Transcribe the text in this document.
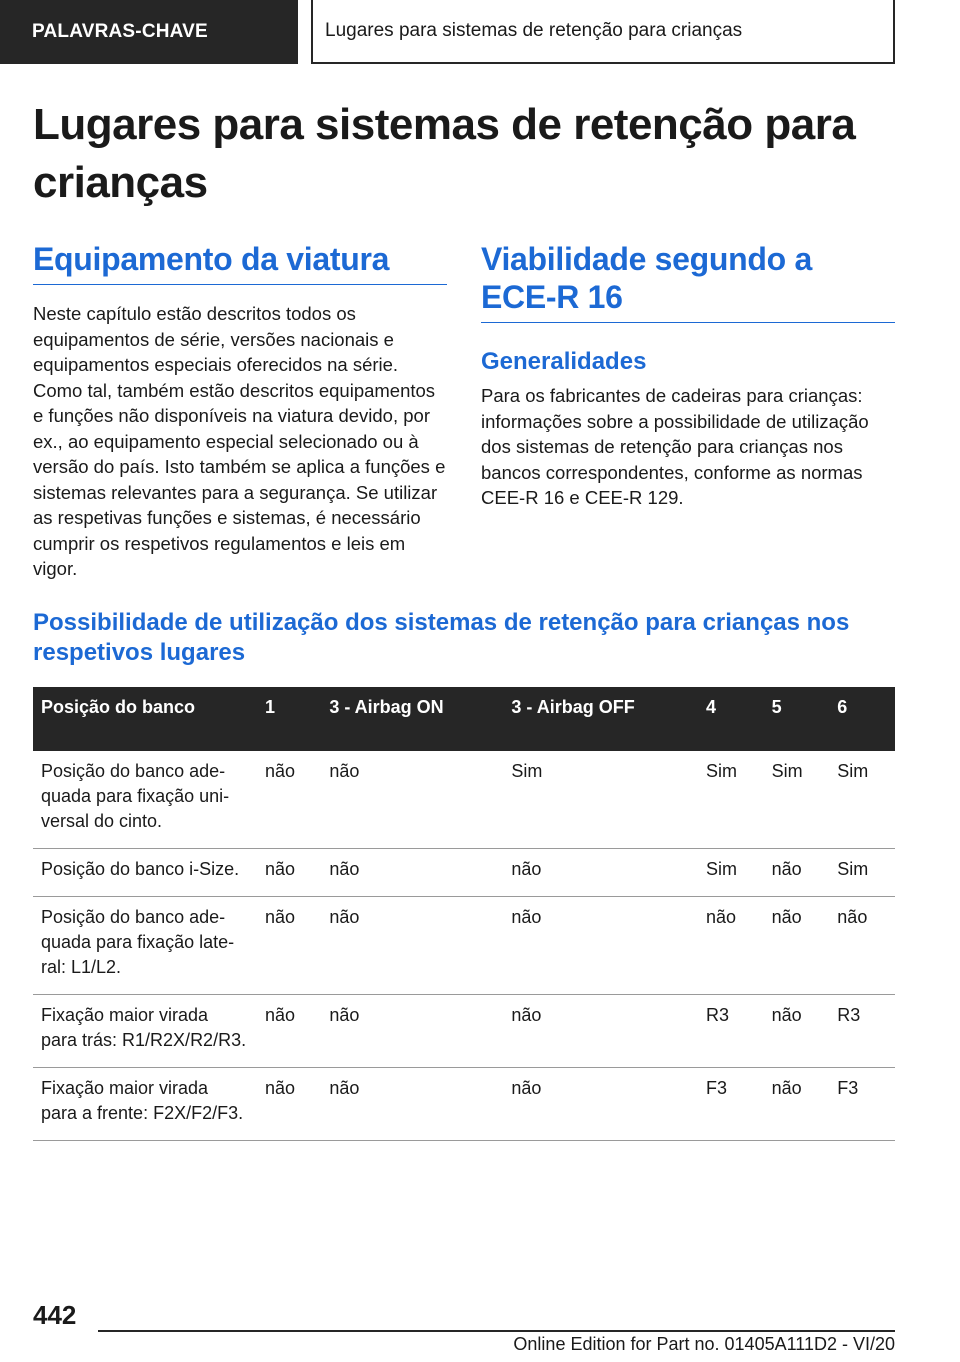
PALAVRAS-CHAVE	Lugares para sistemas de retenção para crianças
Lugares para sistemas de retenção para crianças
Equipamento da viatura

Neste capítulo estão descritos todos os equipamentos de série, versões nacionais e equipamentos especiais oferecidos na série. Como tal, também estão descritos equipamentos e funções não disponíveis na viatura devido, por ex., ao equipamento especial selecionado ou à versão do país. Isto também se aplica a funções e sistemas relevantes para a segurança. Se utilizar as respetivas funções e sistemas, é necessário cumprir os respetivos regulamentos e leis em vigor.

Viabilidade segundo a ECE-R 16
Generalidades

Para os fabricantes de cadeiras para crianças: informações sobre a possibilidade de utilização dos sistemas de retenção para crianças nos bancos correspondentes, conforme as normas CEE-R 16 e CEE-R 129.

Possibilidade de utilização dos sistemas de retenção para crianças nos respetivos lugares
Posição do banco	1	3 - Airbag ON	3 - Airbag OFF	4	5	6
Posição do banco adequada para fixação universal do cinto.	não	não	Sim	Sim	Sim	Sim
Posição do banco i-Size.	não	não	não	Sim	não	Sim
Posição do banco adequada para fixação lateral: L1/L2.	não	não	não	não	não	não
Fixação maior virada para trás: R1/R2X/R2/R3.	não	não	não	R3	não	R3
Fixação maior virada para a frente: F2X/F2/F3.	não	não	não	F3	não	F3
442
Online Edition for Part no. 01405A111D2 - VI/20
